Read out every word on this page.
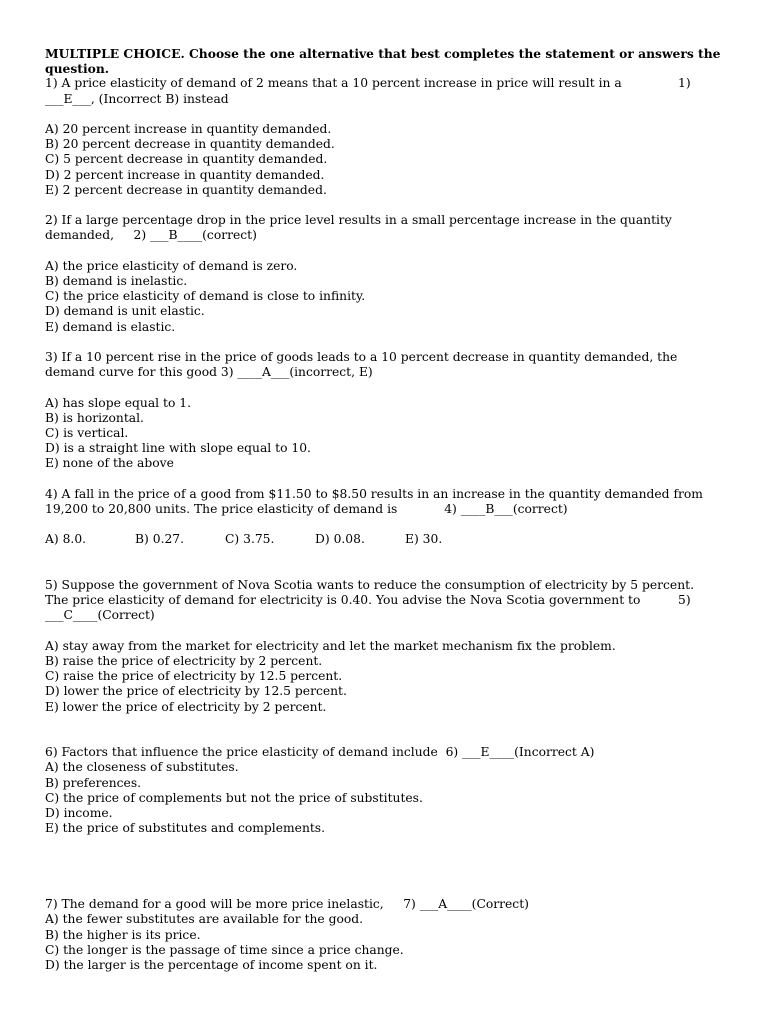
MULTIPLE CHOICE. Choose the one alternative that best completes the statement or answers the question.

1) A price elasticity of demand of 2 means that a 10 percent increase in price will result in a	1)

___E___, (Incorrect B) instead

A) 20 percent increase in quantity demanded.

B) 20 percent decrease in quantity demanded.

C) 5 percent decrease in quantity demanded.

D) 2 percent increase in quantity demanded.

E) 2 percent decrease in quantity demanded.

2) If a large percentage drop in the price level results in a small percentage increase in the quantity

demanded,     2) ___B____(correct)

A) the price elasticity of demand is zero.

B) demand is inelastic.

C) the price elasticity of demand is close to infinity.

D) demand is unit elastic.

E) demand is elastic.

3) If a 10 percent rise in the price of goods leads to a 10 percent decrease in quantity demanded, the

demand curve for this good 3) ____A___(incorrect, E)

A) has slope equal to 1.

B) is horizontal.

C) is vertical.

D) is a straight line with slope equal to 10.

E) none of the above

4) A fall in the price of a good from $11.50 to $8.50 results in an increase in the quantity demanded from

19,200 to 20,800 units. The price elasticity of demand is            4) ____B___(correct)

A) 8.0.	B) 0.27.	C) 3.75.	D) 0.08.	E) 30.

5) Suppose the government of Nova Scotia wants to reduce the consumption of electricity by 5 percent.

The price elasticity of demand for electricity is 0.40. You advise the Nova Scotia government to	5)

___C____(Correct)

A) stay away from the market for electricity and let the market mechanism fix the problem.

B) raise the price of electricity by 2 percent.

C) raise the price of electricity by 12.5 percent.

D) lower the price of electricity by 12.5 percent.

E) lower the price of electricity by 2 percent.

6) Factors that influence the price elasticity of demand include  6) ___E____(Incorrect A)

A) the closeness of substitutes.

B) preferences.

C) the price of complements but not the price of substitutes.

D) income.

E) the price of substitutes and complements.

7) The demand for a good will be more price inelastic,     7) ___A____(Correct)

A) the fewer substitutes are available for the good.

B) the higher is its price.

C) the longer is the passage of time since a price change.

D) the larger is the percentage of income spent on it.
